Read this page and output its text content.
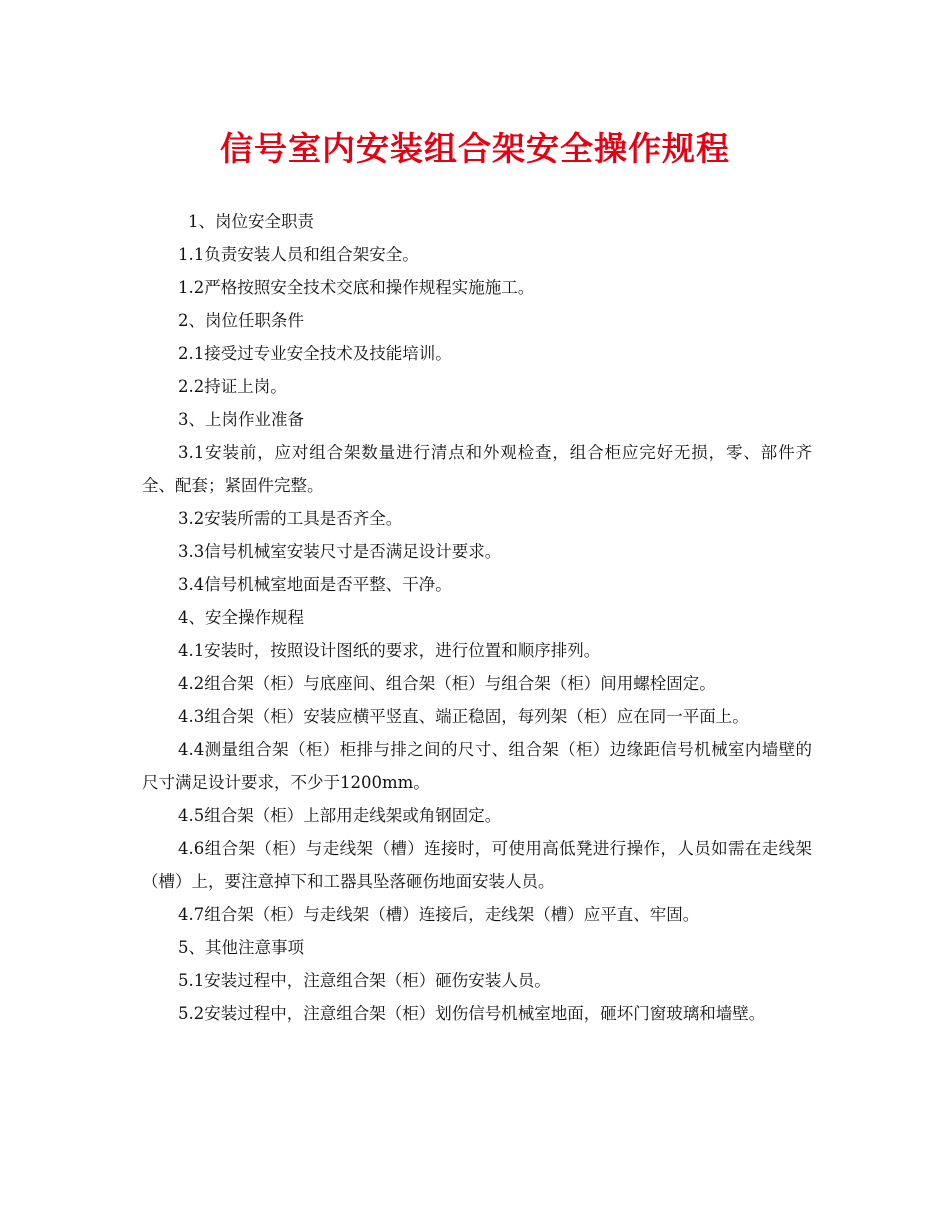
信号室内安装组合架安全操作规程

1、岗位安全职责

1.1负责安装人员和组合架安全。

1.2严格按照安全技术交底和操作规程实施施工。

2、岗位任职条件

2.1接受过专业安全技术及技能培训。

2.2持证上岗。

3、上岗作业准备

3.1安装前，应对组合架数量进行清点和外观检查，组合柜应完好无损，零、部件齐全、配套；紧固件完整。

3.2安装所需的工具是否齐全。

3.3信号机械室安装尺寸是否满足设计要求。

3.4信号机械室地面是否平整、干净。

4、安全操作规程

4.1安装时，按照设计图纸的要求，进行位置和顺序排列。

4.2组合架（柜）与底座间、组合架（柜）与组合架（柜）间用螺栓固定。

4.3组合架（柜）安装应横平竖直、端正稳固，每列架（柜）应在同一平面上。

4.4测量组合架（柜）柜排与排之间的尺寸、组合架（柜）边缘距信号机械室内墙壁的尺寸满足设计要求，不少于1200mm。

4.5组合架（柜）上部用走线架或角钢固定。

4.6组合架（柜）与走线架（槽）连接时，可使用高低凳进行操作，人员如需在走线架（槽）上，要注意掉下和工器具坠落砸伤地面安装人员。

4.7组合架（柜）与走线架（槽）连接后，走线架（槽）应平直、牢固。

5、其他注意事项

5.1安装过程中，注意组合架（柜）砸伤安装人员。

5.2安装过程中，注意组合架（柜）划伤信号机械室地面，砸坏门窗玻璃和墙壁。
